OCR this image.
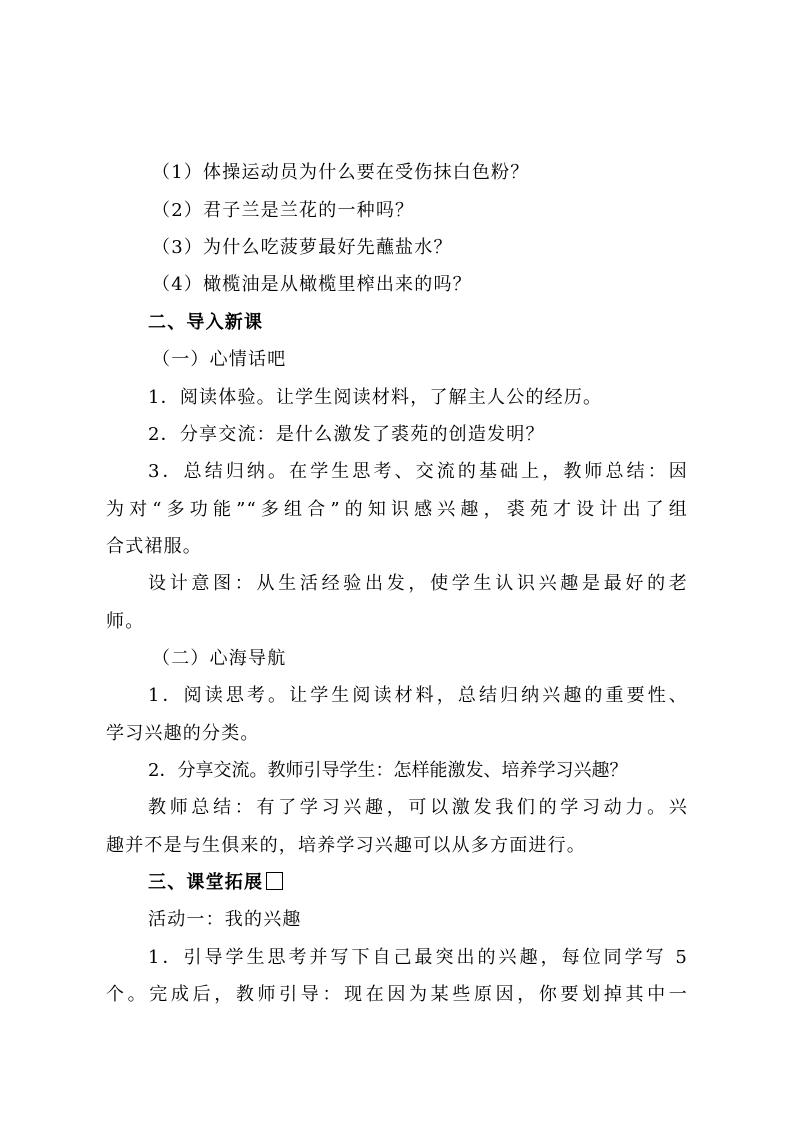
（1）体操运动员为什么要在受伤抹白色粉？
（2）君子兰是兰花的一种吗？
（3）为什么吃菠萝最好先蘸盐水？
（4）橄榄油是从橄榄里榨出来的吗？
二、导入新课
（一）心情话吧
1．阅读体验。让学生阅读材料，了解主人公的经历。
2．分享交流：是什么激发了裘苑的创造发明？
3．总结归纳。在学生思考、交流的基础上，教师总结：因
为对“多功能”“多组合”的知识感兴趣，裘苑才设计出了组
合式裙服。
设计意图：从生活经验出发，使学生认识兴趣是最好的老
师。
（二）心海导航
1．阅读思考。让学生阅读材料，总结归纳兴趣的重要性、
学习兴趣的分类。
2．分享交流。教师引导学生：怎样能激发、培养学习兴趣？
教师总结：有了学习兴趣，可以激发我们的学习动力。兴
趣并不是与生俱来的，培养学习兴趣可以从多方面进行。
三、课堂拓展
活动一：我的兴趣
1．引导学生思考并写下自己最突出的兴趣，每位同学写 5
个。完成后，教师引导：现在因为某些原因，你要划掉其中一
